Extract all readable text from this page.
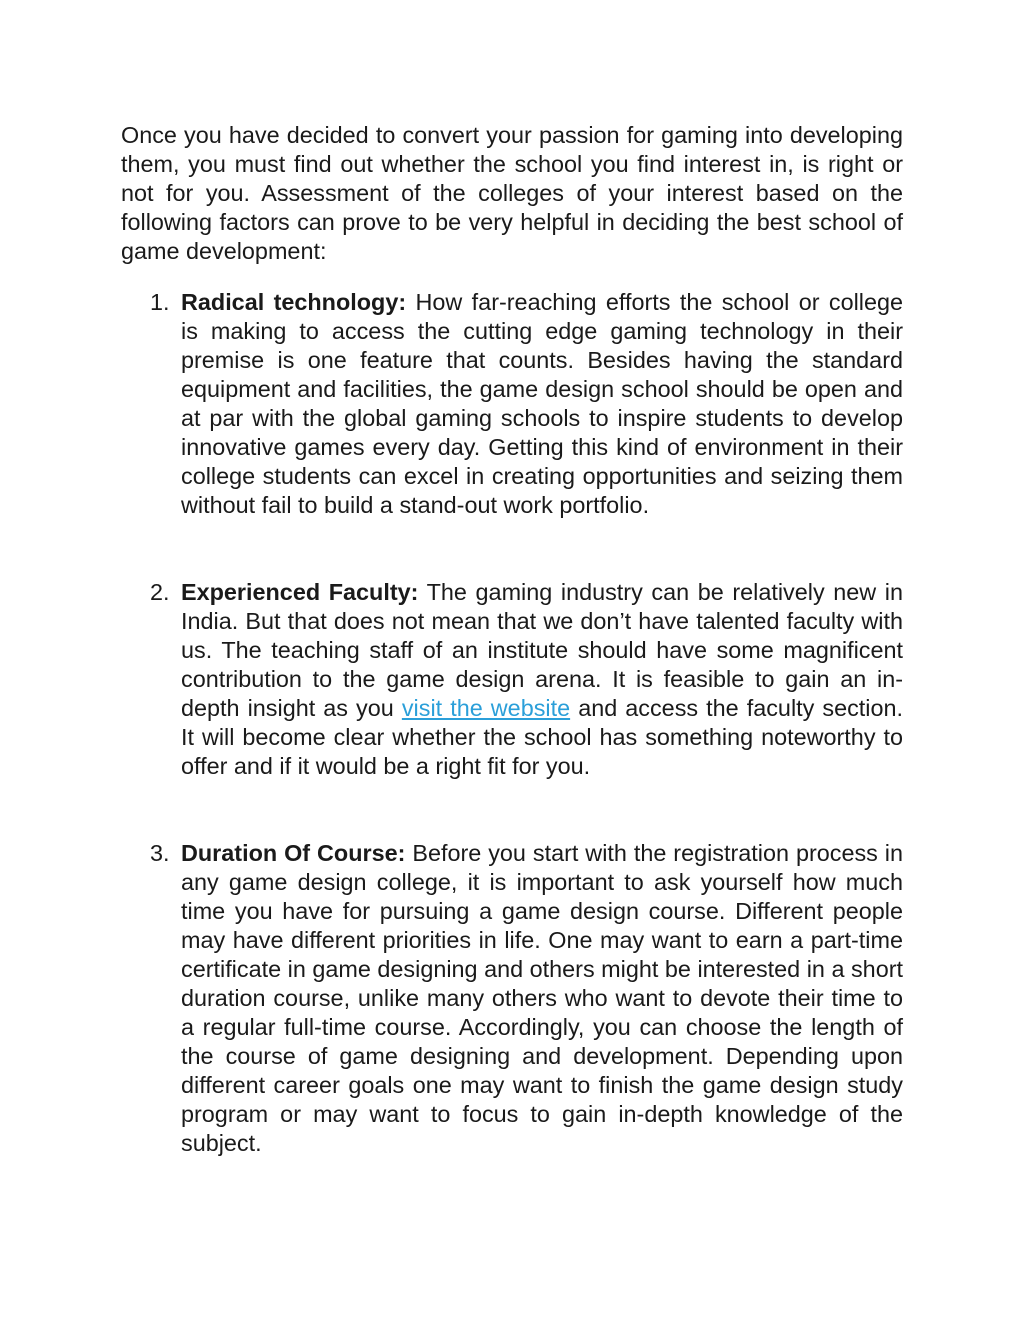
Once you have decided to convert your passion for gaming into developing them, you must find out whether the school you find interest in, is right or not for you. Assessment of the colleges of your interest based on the following factors can prove to be very helpful in deciding the best school of game development:

1. Radical technology: How far-reaching efforts the school or college is making to access the cutting edge gaming technology in their premise is one feature that counts. Besides having the standard equipment and facilities, the game design school should be open and at par with the global gaming schools to inspire students to develop innovative games every day. Getting this kind of environment in their college students can excel in creating opportunities and seizing them without fail to build a stand-out work portfolio.
2. Experienced Faculty: The gaming industry can be relatively new in India. But that does not mean that we don’t have talented faculty with us. The teaching staff of an institute should have some magnificent contribution to the game design arena. It is feasible to gain an in-depth insight as you visit the website and access the faculty section. It will become clear whether the school has something noteworthy to offer and if it would be a right fit for you.
3. Duration Of Course: Before you start with the registration process in any game design college, it is important to ask yourself how much time you have for pursuing a game design course. Different people may have different priorities in life. One may want to earn a part-time certificate in game designing and others might be interested in a short duration course, unlike many others who want to devote their time to a regular full-time course. Accordingly, you can choose the length of the course of game designing and development. Depending upon different career goals one may want to finish the game design study program or may want to focus to gain in-depth knowledge of the subject.
